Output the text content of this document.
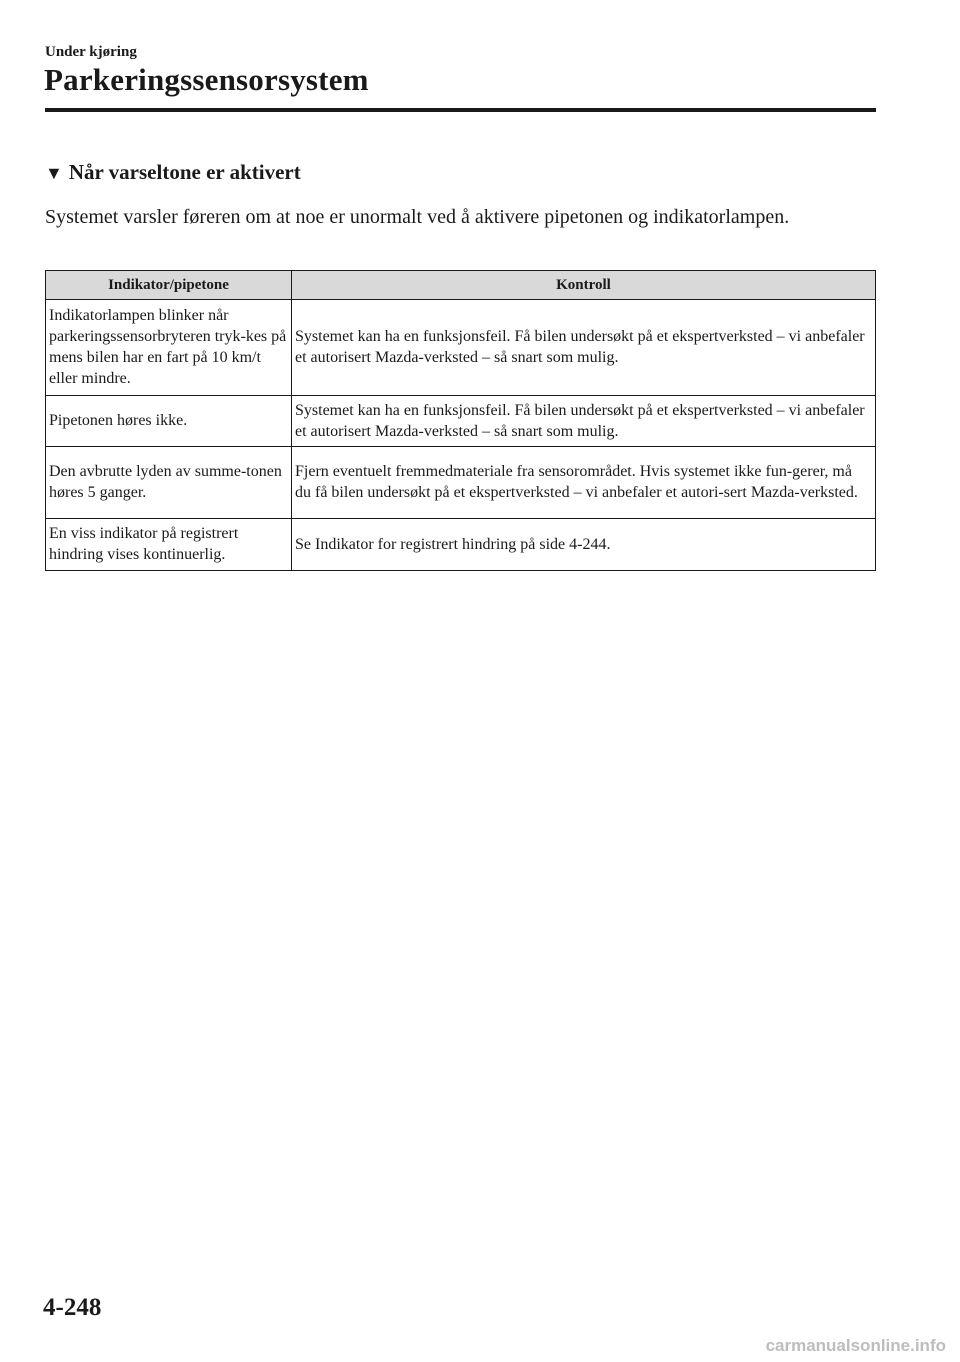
Under kjøring
Parkeringssensorsystem
▼ Når varseltone er aktivert
Systemet varsler føreren om at noe er unormalt ved å aktivere pipetonen og indikatorlampen.
Indikator/pipetone	Kontroll
Indikatorlampen blinker når parkeringssensorbryteren tryk-kes på mens bilen har en fart på 10 km/t eller mindre.	Systemet kan ha en funksjonsfeil. Få bilen undersøkt på et ekspertverksted – vi anbefaler et autorisert Mazda-verksted – så snart som mulig.
Pipetonen høres ikke.	Systemet kan ha en funksjonsfeil. Få bilen undersøkt på et ekspertverksted – vi anbefaler et autorisert Mazda-verksted – så snart som mulig.
Den avbrutte lyden av summe-tonen høres 5 ganger.	Fjern eventuelt fremmedmateriale fra sensorområdet. Hvis systemet ikke fun-gerer, må du få bilen undersøkt på et ekspertverksted – vi anbefaler et autori-sert Mazda-verksted.
En viss indikator på registrert hindring vises kontinuerlig.	Se Indikator for registrert hindring på side 4-244.
4-248
carmanualsonline.info
